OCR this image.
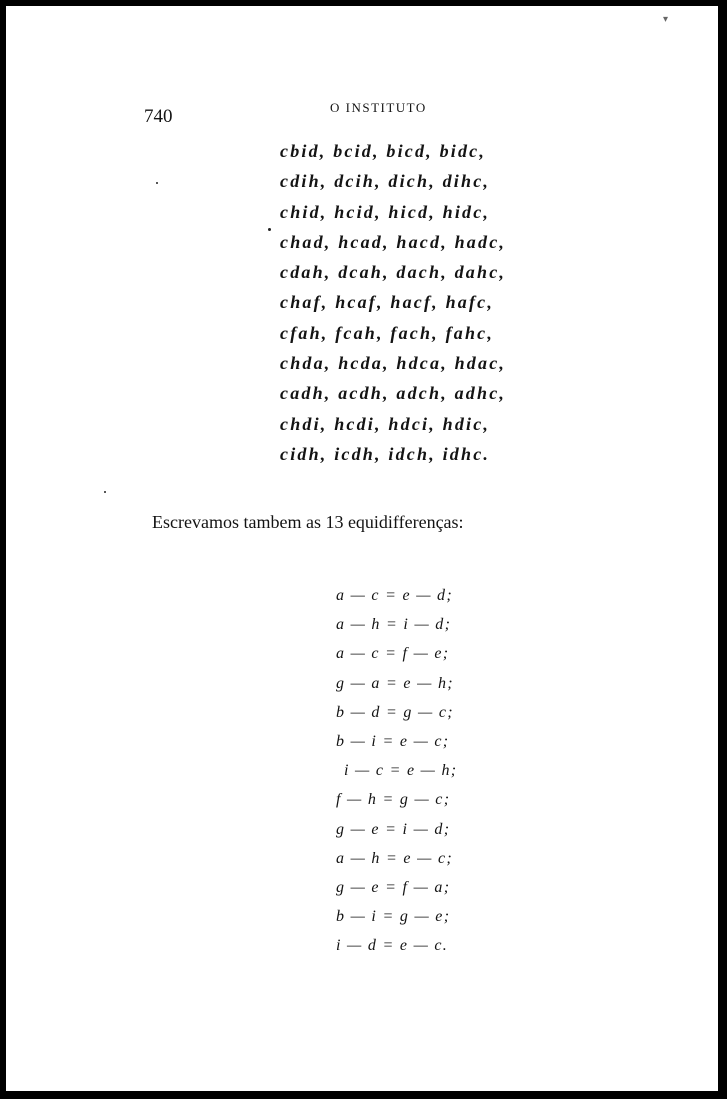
▾

740	O INSTITUTO

cbid, bcid, bicd, bidc,
cdih, dcih, dich, dihc,
chid, hcid, hicd, hidc,
chad, hcad, hacd, hadc,
cdah, dcah, dach, dahc,
chaf, hcaf, hacf, hafc,
cfah, fcah, fach, fahc,
chda, hcda, hdca, hdac,
cadh, acdh, adch, adhc,
chdi, hcdi, hdci, hdic,
cidh, icdh, idch, idhc.

Escrevamos tambem as 13 equidifferenças:

a — c = e — d;
a — h = i — d;
a — c = f — e;
g — a = e — h;
b — d = g — c;
b — i = e — c;
i — c = e — h;
f — h = g — c;
g — e = i — d;
a — h = e — c;
g — e = f — a;
b — i = g — e;
i — d = e — c.
